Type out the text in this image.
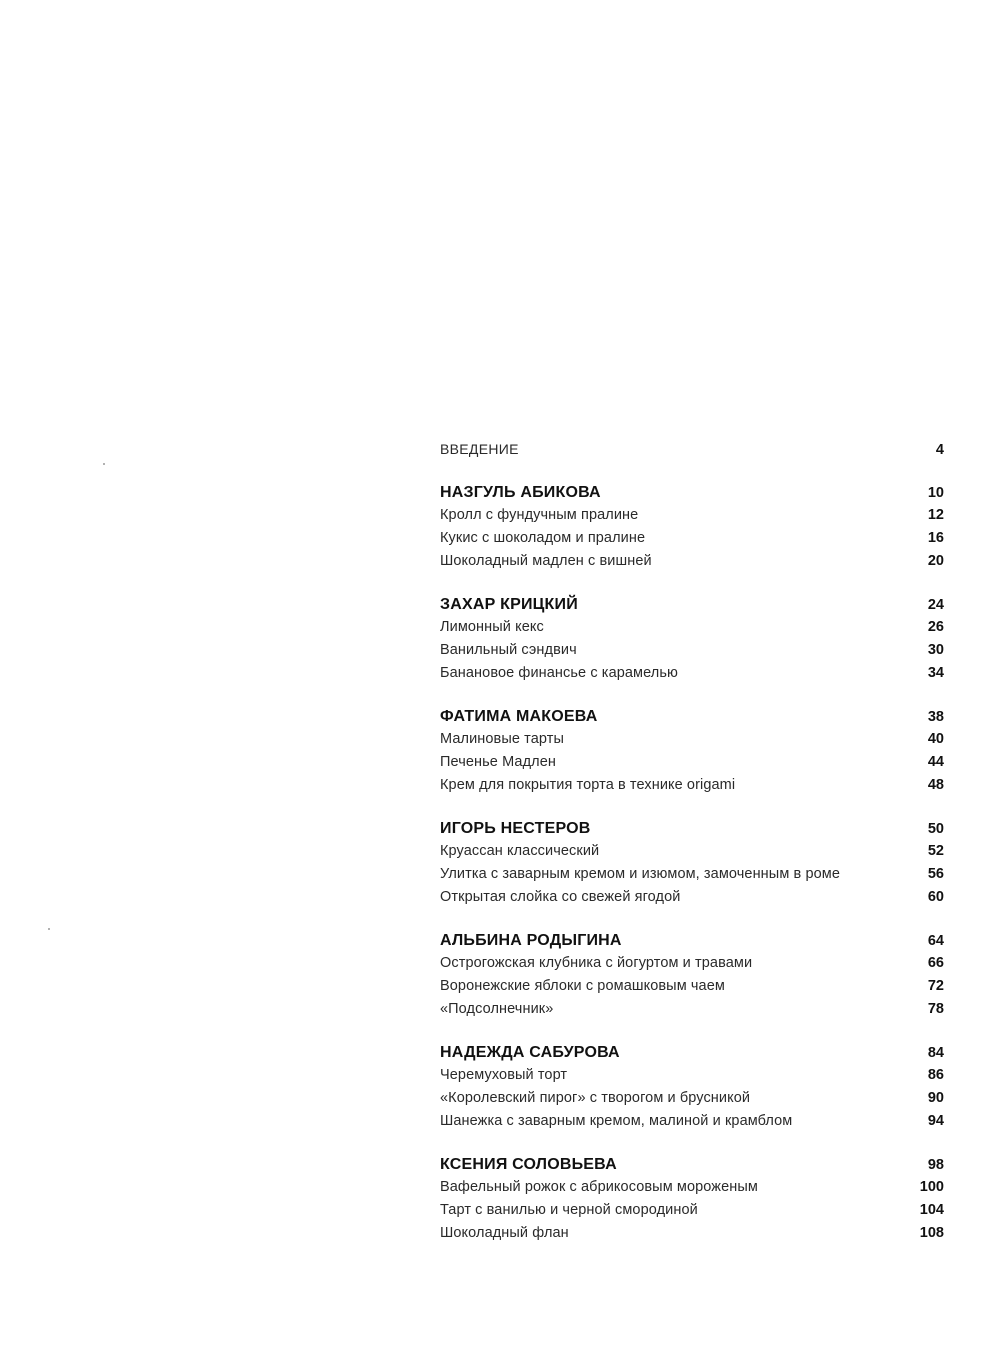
ВВЕДЕНИЕ	4
НАЗГУЛЬ АБИКОВА	10
Кролл с фундучным пралине	12
Кукис с шоколадом и пралине	16
Шоколадный мадлен с вишней	20
ЗАХАР КРИЦКИЙ	24
Лимонный кекс	26
Ванильный сэндвич	30
Банановое финансье с карамелью	34
ФАТИМА МАКОЕВА	38
Малиновые тарты	40
Печенье Мадлен	44
Крем для покрытия торта в технике origami	48
ИГОРЬ НЕСТЕРОВ	50
Круассан классический	52
Улитка с заварным кремом и изюмом, замоченным в роме	56
Открытая слойка со свежей ягодой	60
АЛЬБИНА РОДЫГИНА	64
Острогожская клубника с йогуртом и травами	66
Воронежские яблоки с ромашковым чаем	72
«Подсолнечник»	78
НАДЕЖДА САБУРОВА	84
Черемуховый торт	86
«Королевский пирог» с творогом и брусникой	90
Шанежка с заварным кремом, малиной и крамблом	94
КСЕНИЯ СОЛОВЬЕВА	98
Вафельный рожок с абрикосовым мороженым	100
Тарт с ванилью и черной смородиной	104
Шоколадный флан	108
